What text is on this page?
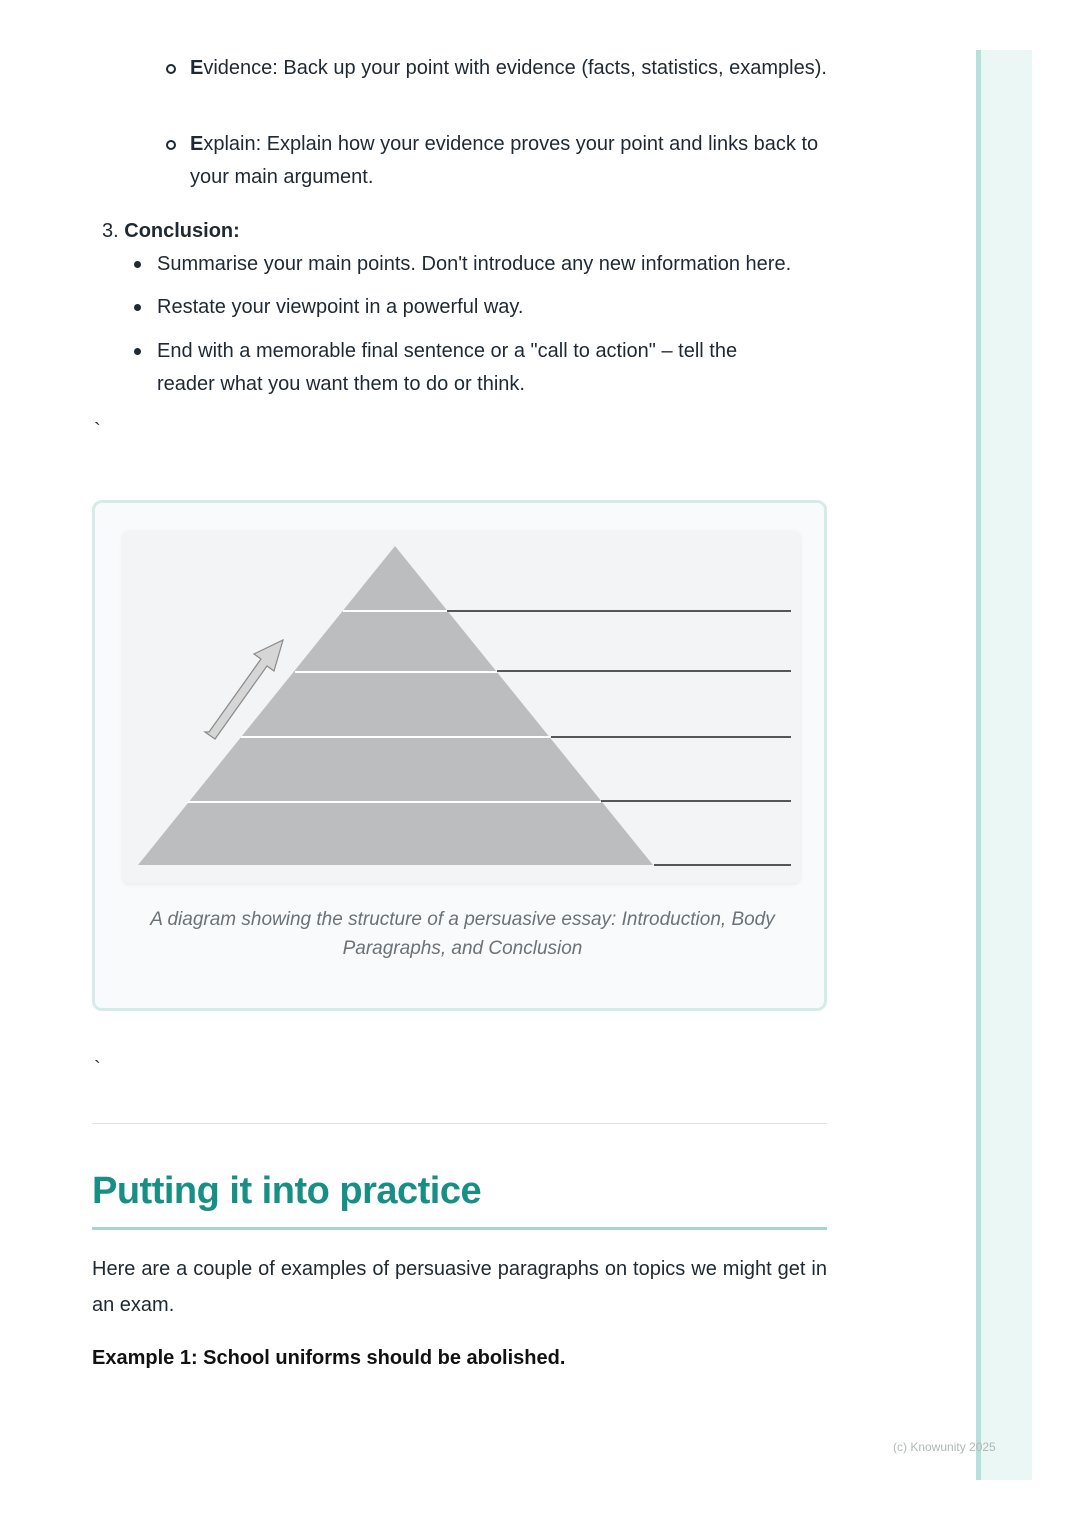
(c) Knowunity 2025
Evidence: Back up your point with evidence (facts, statistics, examples).
Explain: Explain how your evidence proves your point and links back to your main argument.
3. Conclusion:
Summarise your main points. Don't introduce any new information here.
Restate your viewpoint in a powerful way.
End with a memorable final sentence or a "call to action" – tell the reader what you want them to do or think.
`
A diagram showing the structure of a persuasive essay: Introduction, Body Paragraphs, and Conclusion
`
Putting it into practice
Here are a couple of examples of persuasive paragraphs on topics we might get in an exam.
Example 1: School uniforms should be abolished.
